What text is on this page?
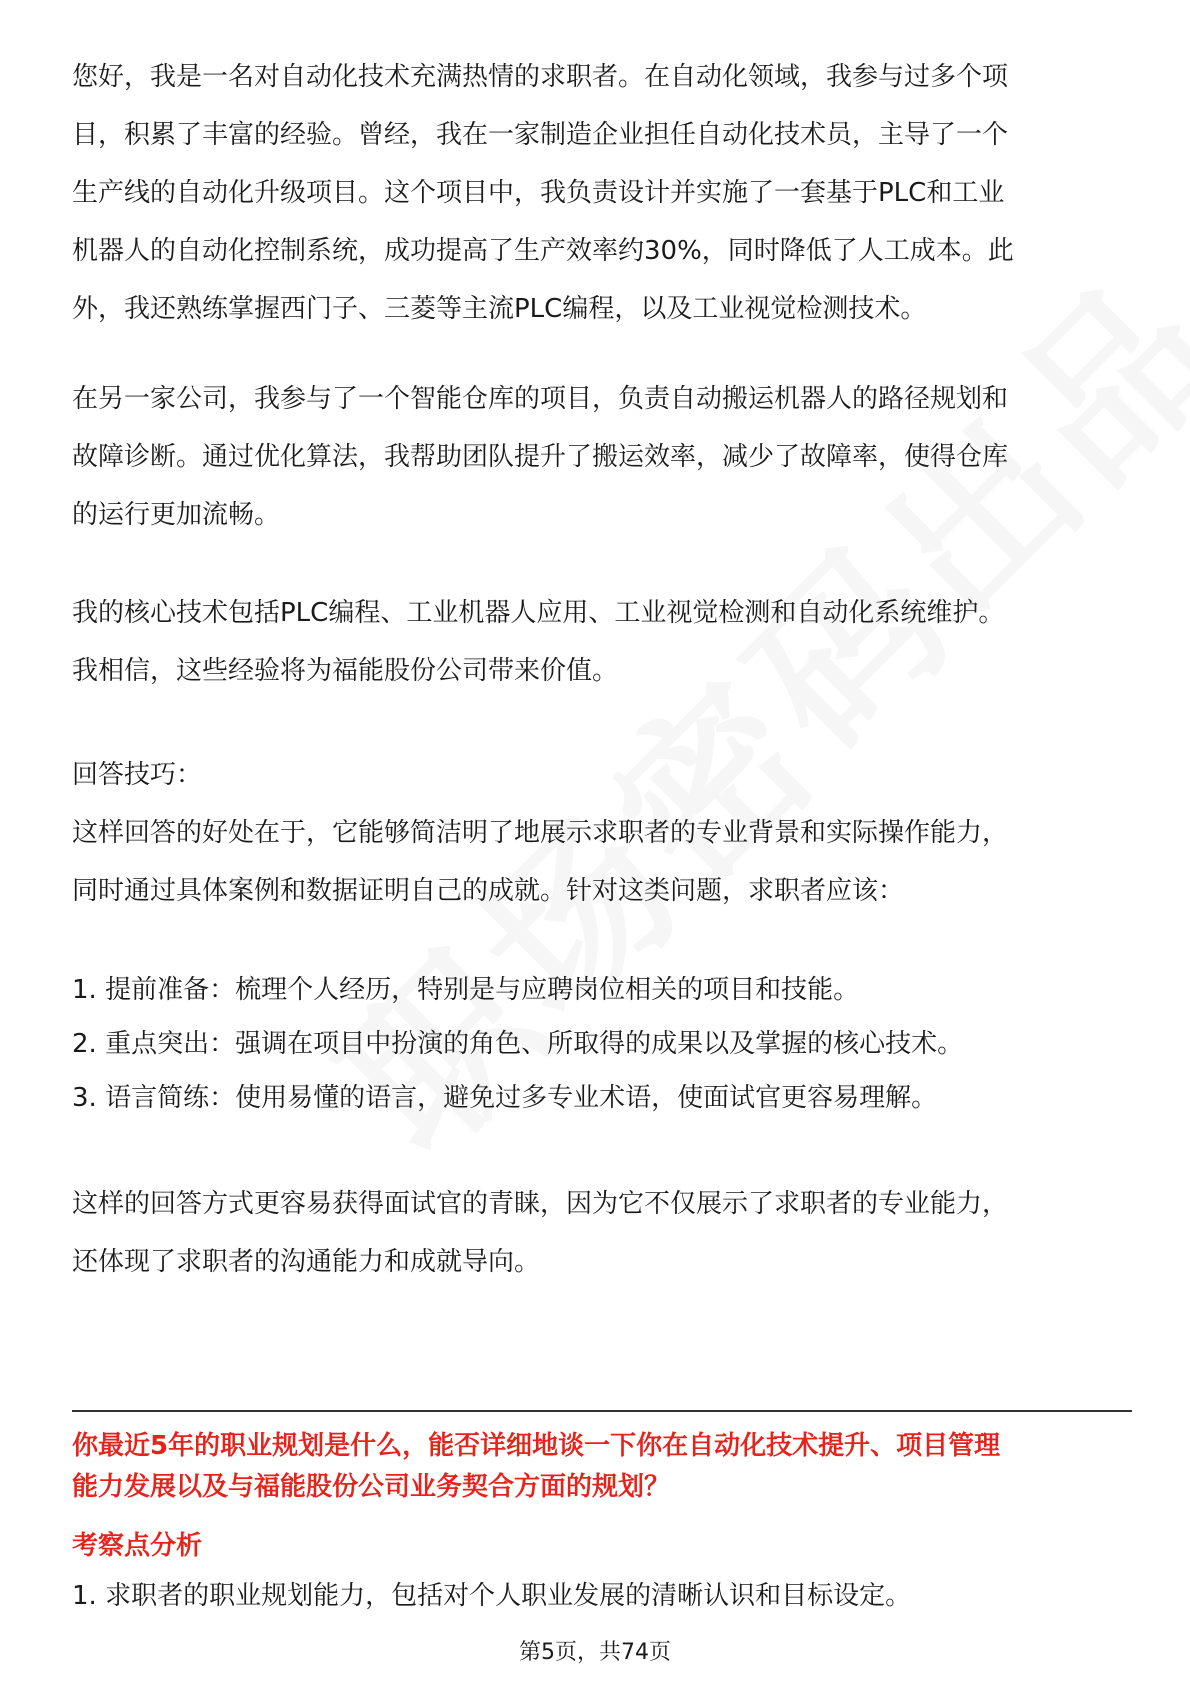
您好，我是一名对自动化技术充满热情的求职者。在自动化领域，我参与过多个项
目，积累了丰富的经验。曾经，我在一家制造企业担任自动化技术员，主导了一个
生产线的自动化升级项目。这个项目中，我负责设计并实施了一套基于PLC和工业
机器人的自动化控制系统，成功提高了生产效率约30%，同时降低了人工成本。此
外，我还熟练掌握西门子、三菱等主流PLC编程，以及工业视觉检测技术。
在另一家公司，我参与了一个智能仓库的项目，负责自动搬运机器人的路径规划和
故障诊断。通过优化算法，我帮助团队提升了搬运效率，减少了故障率，使得仓库
的运行更加流畅。
我的核心技术包括PLC编程、工业机器人应用、工业视觉检测和自动化系统维护。
我相信，这些经验将为福能股份公司带来价值。
回答技巧：
这样回答的好处在于，它能够简洁明了地展示求职者的专业背景和实际操作能力，
同时通过具体案例和数据证明自己的成就。针对这类问题，求职者应该：
1. 提前准备：梳理个人经历，特别是与应聘岗位相关的项目和技能。
2. 重点突出：强调在项目中扮演的角色、所取得的成果以及掌握的核心技术。
3. 语言简练：使用易懂的语言，避免过多专业术语，使面试官更容易理解。
这样的回答方式更容易获得面试官的青睐，因为它不仅展示了求职者的专业能力，
还体现了求职者的沟通能力和成就导向。
你最近5年的职业规划是什么，能否详细地谈一下你在自动化技术提升、项目管理
能力发展以及与福能股份公司业务契合方面的规划？
考察点分析
1. 求职者的职业规划能力，包括对个人职业发展的清晰认识和目标设定。
第5页，共74页
